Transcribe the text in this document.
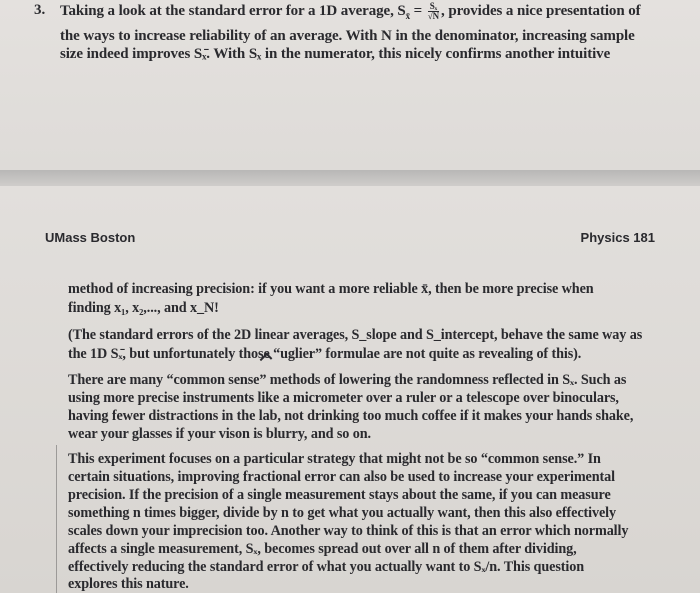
3. Taking a look at the standard error for a 1D average, $S_{x̄} = \frac{\text{Sₓ}}{√N}$ , provides a nice presentation of
the ways to increase reliability of an average. With N in the denominator, increasing sample
size indeed improves Sₓ̄. With Sₓ in the numerator, this nicely confirms another intuitive
UMass Boston	Physics 181
method of increasing precision: if you want a more reliable x̄, then be more precise when
finding x₁, x₂,..., and x_N!
(The standard errors of the 2D linear averages, S_slope and S_intercept, behave the same way as
the 1D Sₓ̄, but unfortunately those “uglier” formulae are not quite as revealing of this).
There are many “common sense” methods of lowering the randomness reflected in Sₓ. Such as
using more precise instruments like a micrometer over a ruler or a telescope over binoculars,
having fewer distractions in the lab, not drinking too much coffee if it makes your hands shake,
wear your glasses if your vison is blurry, and so on.
This experiment focuses on a particular strategy that might not be so “common sense.” In
certain situations, improving fractional error can also be used to increase your experimental
precision. If the precision of a single measurement stays about the same, if you can measure
something n times bigger, divide by n to get what you actually want, then this also effectively
scales down your imprecision too. Another way to think of this is that an error which normally
affects a single measurement, Sₓ, becomes spread out over all n of them after dividing,
effectively reducing the standard error of what you actually want to Sₓ/n. This question
explores this nature.
